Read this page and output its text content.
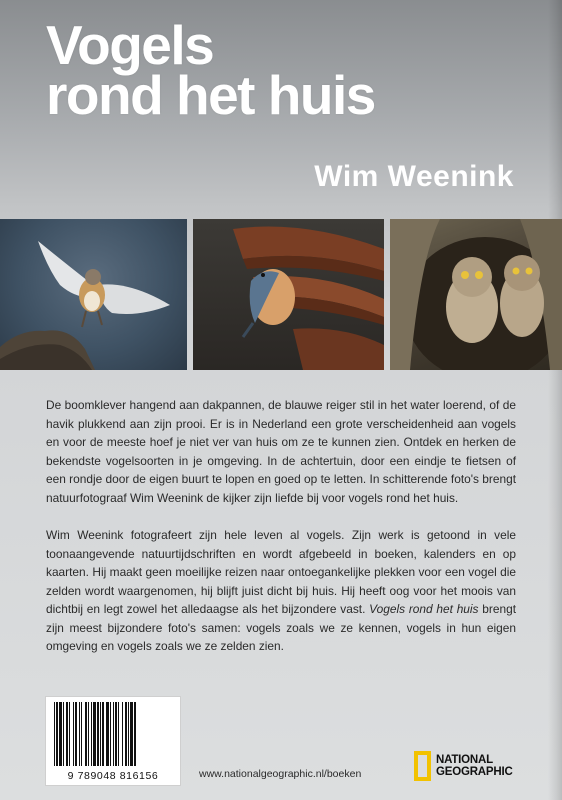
Vogels
rond het huis
Wim Weenink

De boomklever hangend aan dakpannen, de blauwe reiger stil in het water loerend, of de havik plukkend aan zijn prooi. Er is in Nederland een grote verscheidenheid aan vogels en voor de meeste hoef je niet ver van huis om ze te kunnen zien. Ontdek en herken de bekendste vogelsoorten in je omgeving. In de achtertuin, door een eindje te fietsen of een rondje door de eigen buurt te lopen en goed op te letten. In schitterende foto's brengt natuurfotograaf Wim Weenink de kijker zijn liefde bij voor vogels rond het huis.

Wim Weenink fotografeert zijn hele leven al vogels. Zijn werk is getoond in vele toonaangevende natuurtijdschriften en wordt afgebeeld in boeken, kalenders en op kaarten. Hij maakt geen moeilijke reizen naar ontoegankelijke plekken voor een vogel die zelden wordt waargenomen, hij blijft juist dicht bij huis. Hij heeft oog voor het moois van dichtbij en legt zowel het alledaagse als het bijzondere vast. Vogels rond het huis brengt zijn meest bijzondere foto's samen: vogels zoals we ze kennen, vogels in hun eigen omgeving en vogels zoals we ze zelden zien.

9 789048 816156	www.nationalgeographic.nl/boeken
NATIONAL
GEOGRAPHIC
